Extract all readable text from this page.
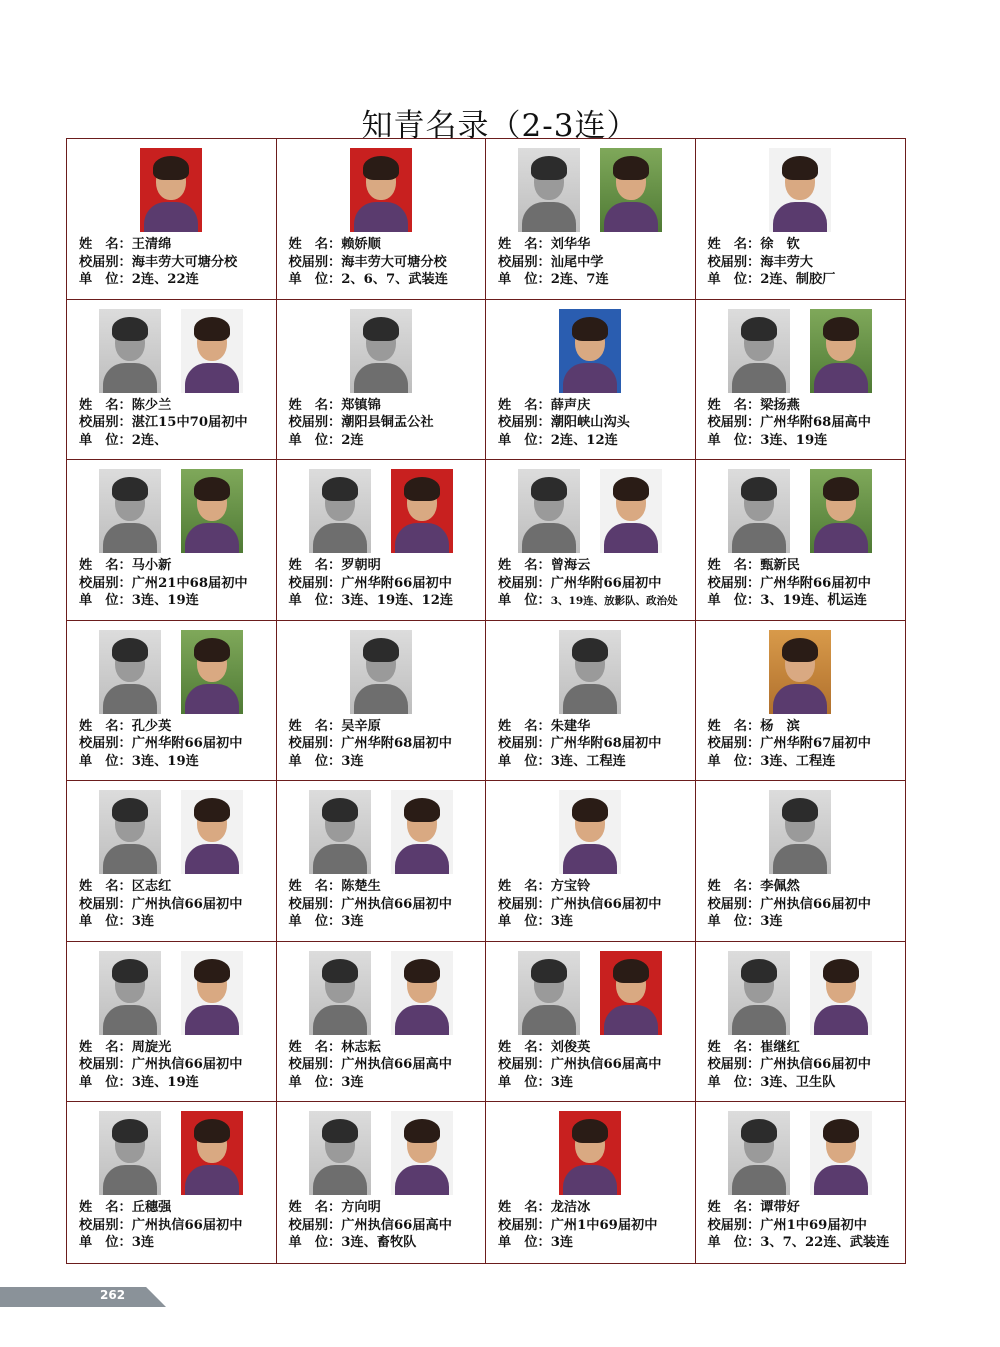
知青名录（2-3连）
姓　名：王清绵
校届别：海丰劳大可塘分校
单　位：2连、22连
姓　名：赖娇顺
校届别：海丰劳大可塘分校
单　位：2、6、7、武装连
姓　名：刘华华
校届别：汕尾中学
单　位：2连、7连
姓　名：徐　钦
校届别：海丰劳大
单　位：2连、制胶厂
姓　名：陈少兰
校届别：湛江15中70届初中
单　位：2连、
姓　名：郑镇锦
校届别：潮阳县铜盂公社
单　位：2连
姓　名：薛声庆
校届别：潮阳峡山沟头
单　位：2连、12连
姓　名：梁扬燕
校届别：广州华附68届高中
单　位：3连、19连
姓　名：马小新
校届别：广州21中68届初中
单　位：3连、19连
姓　名：罗朝明
校届别：广州华附66届初中
单　位：3连、19连、12连
姓　名：曾海云
校届别：广州华附66届初中
单　位：3、19连、放影队、政治处
姓　名：甄新民
校届别：广州华附66届初中
单　位：3、19连、机运连
姓　名：孔少英
校届别：广州华附66届初中
单　位：3连、19连
姓　名：吴辛原
校届别：广州华附68届初中
单　位：3连
姓　名：朱建华
校届别：广州华附68届初中
单　位：3连、工程连
姓　名：杨　滨
校届别：广州华附67届初中
单　位：3连、工程连
姓　名：区志红
校届别：广州执信66届初中
单　位：3连
姓　名：陈楚生
校届别：广州执信66届初中
单　位：3连
姓　名：方宝铃
校届别：广州执信66届初中
单　位：3连
姓　名：李佩然
校届别：广州执信66届初中
单　位：3连
姓　名：周旋光
校届别：广州执信66届初中
单　位：3连、19连
姓　名：林志耘
校届别：广州执信66届高中
单　位：3连
姓　名：刘俊英
校届别：广州执信66届高中
单　位：3连
姓　名：崔继红
校届别：广州执信66届初中
单　位：3连、卫生队
姓　名：丘穗强
校届别：广州执信66届初中
单　位：3连
姓　名：方向明
校届别：广州执信66届高中
单　位：3连、畜牧队
姓　名：龙洁冰
校届别：广州1中69届初中
单　位：3连
姓　名：谭带好
校届别：广州1中69届初中
单　位：3、7、22连、武装连
262
